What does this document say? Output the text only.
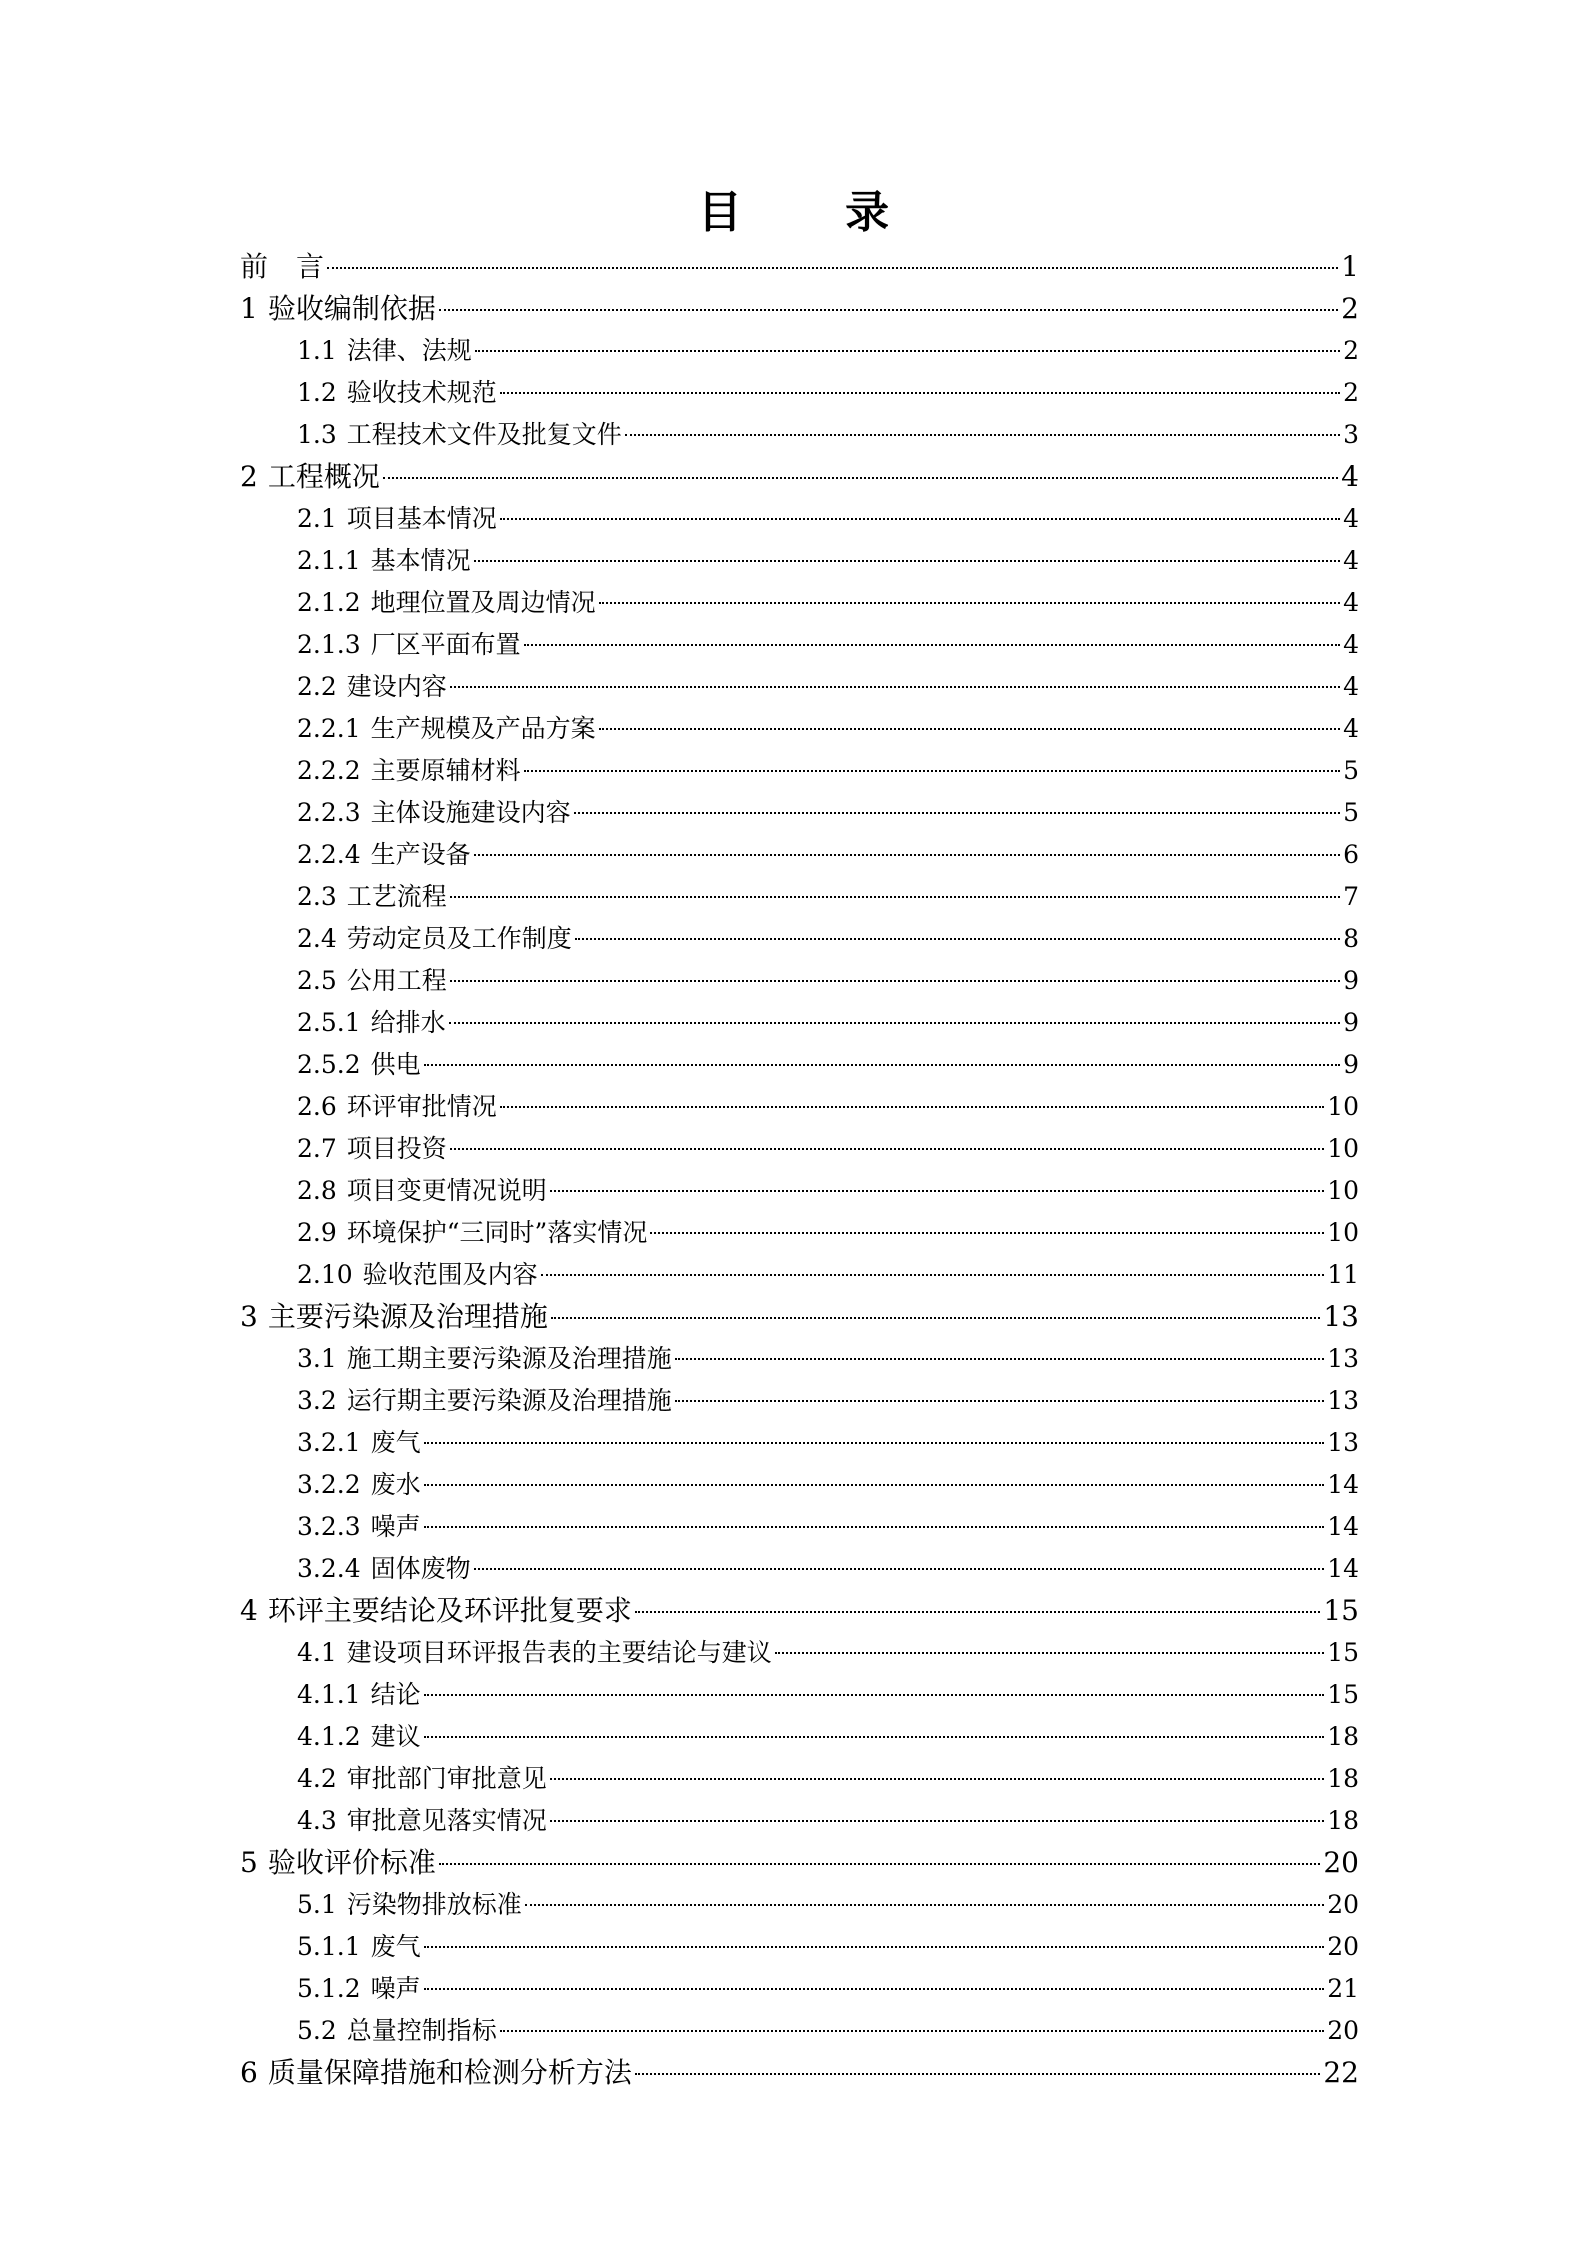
目 录
前　言	1
1 验收编制依据	2
1.1 法律、法规	2
1.2 验收技术规范	2
1.3 工程技术文件及批复文件	3
2 工程概况	4
2.1 项目基本情况	4
2.1.1 基本情况	4
2.1.2 地理位置及周边情况	4
2.1.3 厂区平面布置	4
2.2 建设内容	4
2.2.1 生产规模及产品方案	4
2.2.2 主要原辅材料	5
2.2.3 主体设施建设内容	5
2.2.4 生产设备	6
2.3 工艺流程	7
2.4 劳动定员及工作制度	8
2.5 公用工程	9
2.5.1 给排水	9
2.5.2 供电	9
2.6 环评审批情况	10
2.7 项目投资	10
2.8 项目变更情况说明	10
2.9 环境保护“三同时”落实情况	10
2.10 验收范围及内容	11
3 主要污染源及治理措施	13
3.1 施工期主要污染源及治理措施	13
3.2 运行期主要污染源及治理措施	13
3.2.1 废气	13
3.2.2 废水	14
3.2.3 噪声	14
3.2.4 固体废物	14
4 环评主要结论及环评批复要求	15
4.1 建设项目环评报告表的主要结论与建议	15
4.1.1 结论	15
4.1.2 建议	18
4.2 审批部门审批意见	18
4.3 审批意见落实情况	18
5 验收评价标准	20
5.1 污染物排放标准	20
5.1.1 废气	20
5.1.2 噪声	21
5.2 总量控制指标	20
6 质量保障措施和检测分析方法	22
